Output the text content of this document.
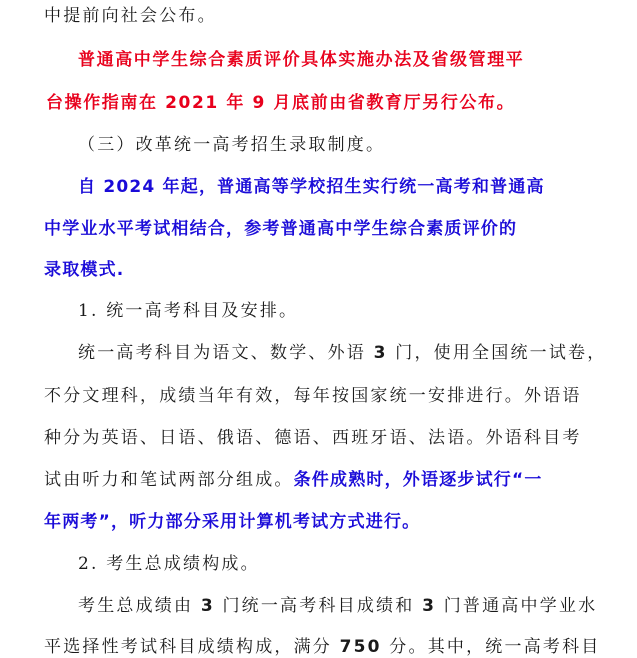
中提前向社会公布。
普通高中学生综合素质评价具体实施办法及省级管理平
台操作指南在 2021 年 9 月底前由省教育厅另行公布。
（三）改革统一高考招生录取制度。
自 2024 年起，普通高等学校招生实行统一高考和普通高
中学业水平考试相结合，参考普通高中学生综合素质评价的
录取模式.
1. 统一高考科目及安排。
统一高考科目为语文、数学、外语 3 门，使用全国统一试卷，
不分文理科，成绩当年有效，每年按国家统一安排进行。外语语
种分为英语、日语、俄语、德语、西班牙语、法语。外语科目考
试由听力和笔试两部分组成。条件成熟时，外语逐步试行“一
年两考”，听力部分采用计算机考试方式进行。
2. 考生总成绩构成。
考生总成绩由 3 门统一高考科目成绩和 3 门普通高中学业水
平选择性考试科目成绩构成，满分 750 分。其中，统一高考科目
